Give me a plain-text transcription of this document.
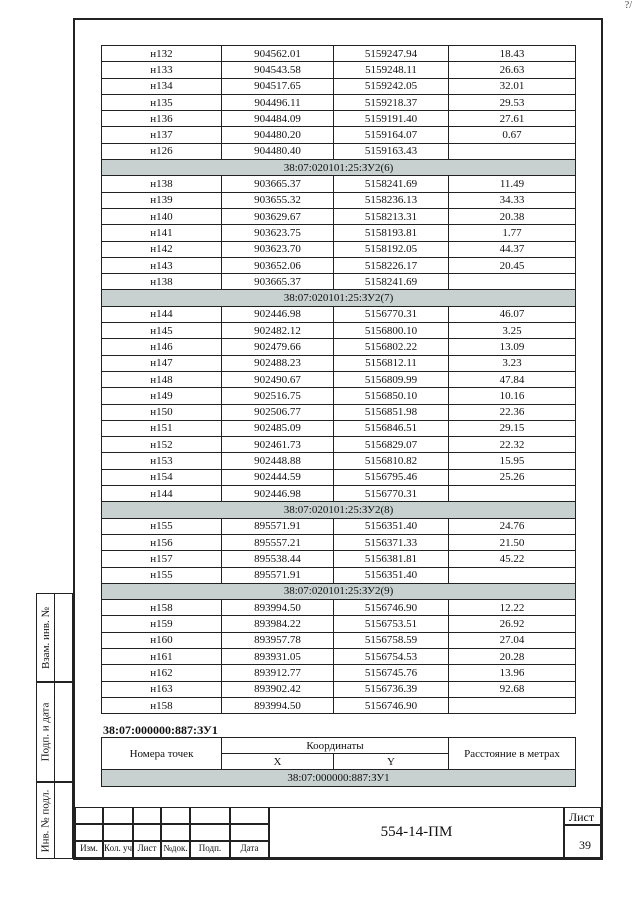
?/
Взам. инв. №
Подп. и дата
Инв. № подл.
н132	904562.01	5159247.94	18.43
н133	904543.58	5159248.11	26.63
н134	904517.65	5159242.05	32.01
н135	904496.11	5159218.37	29.53
н136	904484.09	5159191.40	27.61
н137	904480.20	5159164.07	0.67
н126	904480.40	5159163.43	
38:07:020101:25:ЗУ2(6)			
н138	903665.37	5158241.69	11.49
н139	903655.32	5158236.13	34.33
н140	903629.67	5158213.31	20.38
н141	903623.75	5158193.81	1.77
н142	903623.70	5158192.05	44.37
н143	903652.06	5158226.17	20.45
н138	903665.37	5158241.69	
38:07:020101:25:ЗУ2(7)			
н144	902446.98	5156770.31	46.07
н145	902482.12	5156800.10	3.25
н146	902479.66	5156802.22	13.09
н147	902488.23	5156812.11	3.23
н148	902490.67	5156809.99	47.84
н149	902516.75	5156850.10	10.16
н150	902506.77	5156851.98	22.36
н151	902485.09	5156846.51	29.15
н152	902461.73	5156829.07	22.32
н153	902448.88	5156810.82	15.95
н154	902444.59	5156795.46	25.26
н144	902446.98	5156770.31	
38:07:020101:25:ЗУ2(8)			
н155	895571.91	5156351.40	24.76
н156	895557.21	5156371.33	21.50
н157	895538.44	5156381.81	45.22
н155	895571.91	5156351.40	
38:07:020101:25:ЗУ2(9)			
н158	893994.50	5156746.90	12.22
н159	893984.22	5156753.51	26.92
н160	893957.78	5156758.59	27.04
н161	893931.05	5156754.53	20.28
н162	893912.77	5156745.76	13.96
н163	893902.42	5156736.39	92.68
н158	893994.50	5156746.90	
38:07:000000:887:ЗУ1
Номера точек	Координаты		Расстояние в метрах
	X	Y	
38:07:000000:887:ЗУ1			
Изм. Кол. уч Лист №док.	Подп.	Дата
554-14-ПМ
Лист
39
